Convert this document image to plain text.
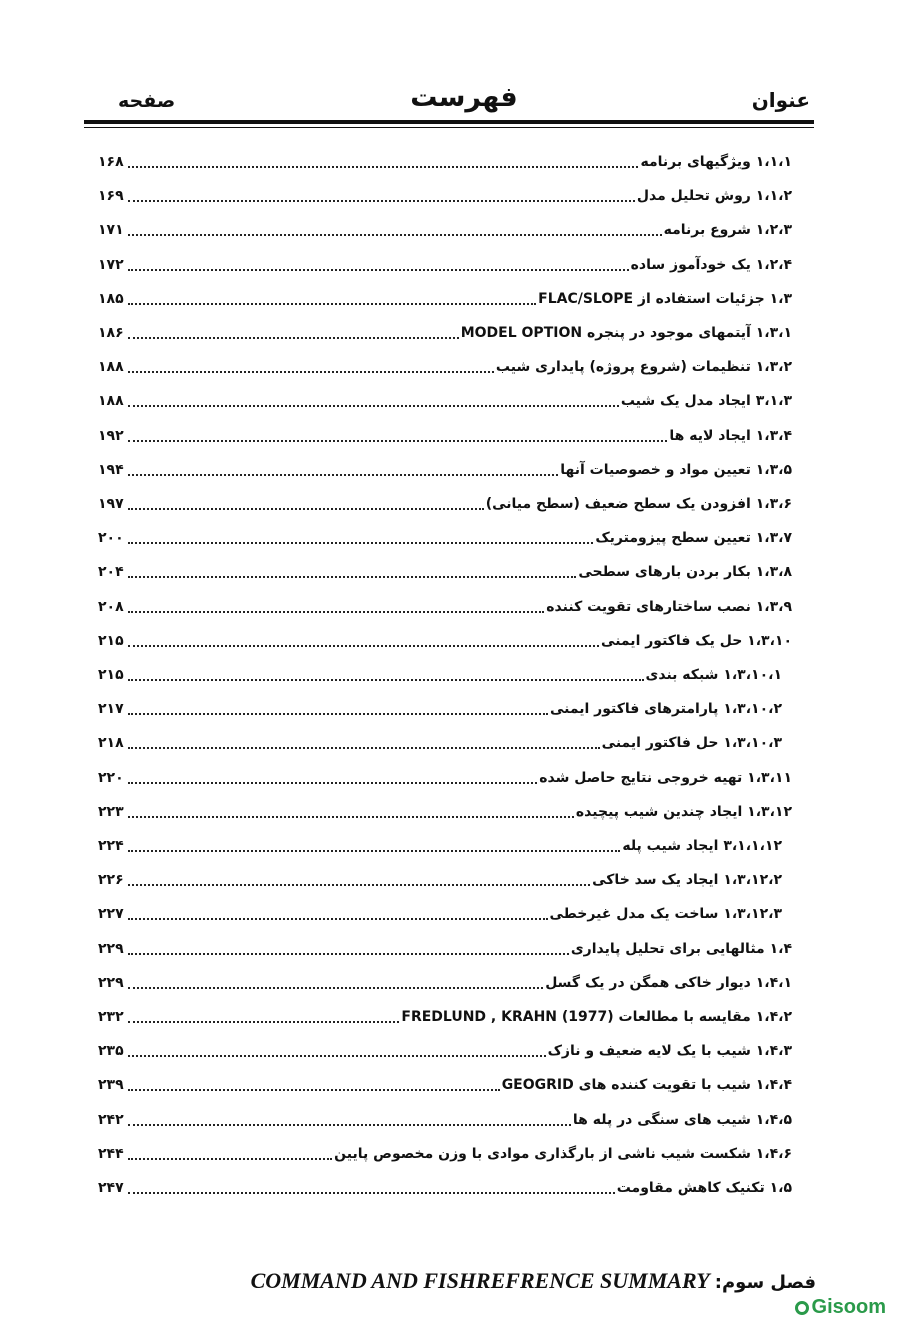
عنوان
فهرست
صفحه
۱،۱،۱ ویژگیهای برنامه
۱۶۸
۱،۱،۲ روش تحلیل مدل
۱۶۹
۱،۲،۳ شروع برنامه
۱۷۱
۱،۲،۴ یک خودآموز ساده
۱۷۲
۱،۳ جزئیات استفاده از FLAC/SLOPE
۱۸۵
۱،۳،۱ آیتمهای موجود در پنجره MODEL OPTION
۱۸۶
۱،۳،۲ تنظیمات (شروع پروژه) پایداری شیب
۱۸۸
۳،۱،۳ ایجاد مدل یک شیب
۱۸۸
۱،۳،۴ ایجاد لایه ها
۱۹۲
۱،۳،۵ تعیین مواد و خصوصیات آنها
۱۹۴
۱،۳،۶ افزودن یک سطح ضعیف (سطح میانی)
۱۹۷
۱،۳،۷ تعیین سطح پیزومتریک
۲۰۰
۱،۳،۸ بکار بردن بارهای سطحی
۲۰۴
۱،۳،۹ نصب ساختارهای تقویت کننده
۲۰۸
۱،۳،۱۰ حل یک فاکتور ایمنی
۲۱۵
۱،۳،۱۰،۱ شبکه بندی
۲۱۵
۱،۳،۱۰،۲ پارامترهای فاکتور ایمنی
۲۱۷
۱،۳،۱۰،۳ حل فاکتور ایمنی
۲۱۸
۱،۳،۱۱ تهیه خروجی نتایج حاصل شده
۲۲۰
۱،۳،۱۲ ایجاد چندین شیب پیچیده
۲۲۳
۳،۱،۱،۱۲ ایجاد شیب پله
۲۲۴
۱،۳،۱۲،۲ ایجاد یک سد خاکی
۲۲۶
۱،۳،۱۲،۳ ساخت یک مدل غیرخطی
۲۲۷
۱،۴ مثالهایی برای تحلیل پایداری
۲۲۹
۱،۴،۱ دیوار خاکی همگن در یک گسل
۲۲۹
۱،۴،۲ مقایسه با مطالعات FREDLUND , KRAHN (1977)
۲۳۲
۱،۴،۳ شیب با یک لایه ضعیف و نازک
۲۳۵
۱،۴،۴ شیب با تقویت کننده های GEOGRID
۲۳۹
۱،۴،۵ شیب های سنگی در پله ها
۲۴۲
۱،۴،۶ شکست شیب ناشی از بارگذاری موادی با وزن مخصوص پایین
۲۴۴
۱،۵ تکنیک کاهش مقاومت
۲۴۷
فصل سوم: COMMAND AND FISHREFRENCE SUMMARY
Gisoom
